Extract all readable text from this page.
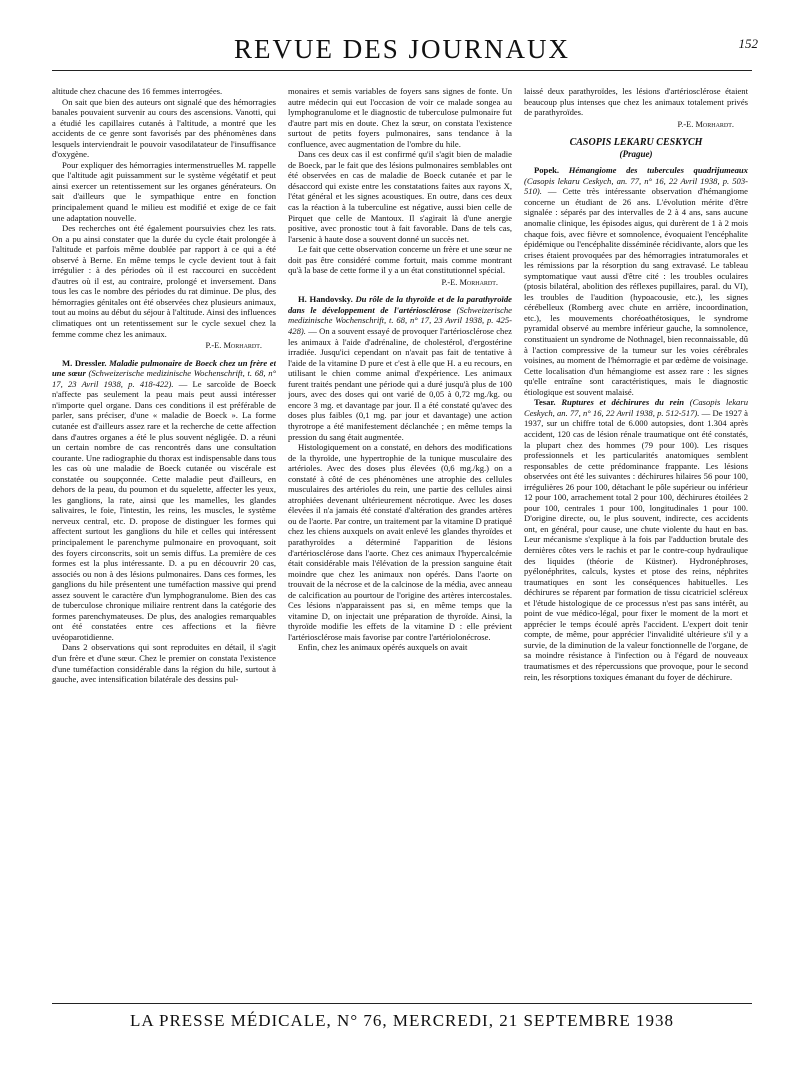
REVUE DES JOURNAUX	152

altitude chez chacune des 16 femmes interrogées.

On sait que bien des auteurs ont signalé que des hémorragies banales pouvaient survenir au cours des ascensions. Vanotti, qui a étudié les capillaires cutanés à l'altitude, a montré que les accidents de ce genre sont favorisés par des phénomènes dans lesquels interviendrait le pouvoir vasodilatateur de l'insuffisance d'oxygène.

Pour expliquer des hémorragies intermenstruelles M. rappelle que l'altitude agit puissamment sur le système végétatif et peut ainsi exercer un retentissement sur les organes générateurs. On sait d'ailleurs que le sympathique entre en fonction principalement quand le milieu est modifié et exige de ce fait une adaptation nouvelle.

Des recherches ont été également poursuivies chez les rats. On a pu ainsi constater que la durée du cycle était prolongée à l'altitude et parfois même doublée par rapport à ce qui a été observé à Berne. En même temps le cycle devient tout à fait irrégulier : à des périodes où il est raccourci en succèdent d'autres où il est, au contraire, prolongé et inversement. Dans tous les cas le nombre des périodes du rat diminue. De plus, des hémorragies génitales ont été observées chez plusieurs animaux, tout au moins au début du séjour à l'altitude. Ainsi des influences climatiques ont un retentissement sur le cycle sexuel chez la femme comme chez les animaux.

P.-E. Morhardt.

M. Dressler. Maladie pulmonaire de Boeck chez un frère et une sœur (Schweizerische medizinische Wochenschrift, t. 68, n° 17, 23 Avril 1938, p. 418-422). — Le sarcoïde de Boeck n'affecte pas seulement la peau mais peut aussi intéresser n'importe quel organe. Dans ces conditions il est préférable de parler, sans préciser, d'une « maladie de Boeck ». La forme cutanée est d'ailleurs assez rare et la recherche de cette affection dans d'autres organes a été le plus souvent négligée. D. a réuni un certain nombre de cas rencontrés dans une consultation courante. Une radiographie du thorax est indispensable dans tous les cas où une maladie de Boeck cutanée ou viscérale est constatée ou soupçonnée. Cette maladie peut d'ailleurs, en dehors de la peau, du poumon et du squelette, affecter les yeux, les ganglions, la rate, ainsi que les mamelles, les glandes salivaires, le foie, l'intestin, les reins, les muscles, le système nerveux central, etc. D. propose de distinguer les formes qui affectent surtout les ganglions du hile et celles qui intéressent principalement le parenchyme pulmonaire en provoquant, soit des foyers circonscrits, soit un semis diffus. La première de ces formes est la plus intéressante. D. a pu en découvrir 20 cas, associés ou non à des lésions pulmonaires. Dans ces formes, les ganglions du hile présentent une tuméfaction massive qui prend assez souvent le caractère d'un lymphogranulome. Bien des cas de tuberculose chronique miliaire rentrent dans la catégorie des formes parenchymateuses. De plus, des analogies remarquables ont été constatées entre ces affections et la fièvre uvéoparotidienne.

Dans 2 observations qui sont reproduites en détail, il s'agit d'un frère et d'une sœur. Chez le premier on constata l'existence d'une tuméfaction considérable dans la région du hile, surtout à gauche, avec intensification bilatérale des dessins pul-

monaires et semis variables de foyers sans signes de fonte. Un autre médecin qui eut l'occasion de voir ce malade songea au lymphogranulome et le diagnostic de tuberculose pulmonaire fut d'autre part mis en doute. Chez la sœur, on constata l'existence surtout de petits foyers pulmonaires, sans tendance à la confluence, avec augmentation de l'ombre du hile.

Dans ces deux cas il est confirmé qu'il s'agit bien de maladie de Boeck, par le fait que des lésions pulmonaires semblables ont été observées en cas de maladie de Boeck cutanée et par le désaccord qui existe entre les constatations faites aux rayons X, l'état général et les signes acoustiques. En outre, dans ces deux cas la réaction à la tuberculine est négative, aussi bien celle de Pirquet que celle de Mantoux. Il s'agirait là d'une anergie positive, avec pronostic tout à fait favorable. Dans de tels cas, l'arsenic à haute dose a souvent donné un succès net.

Le fait que cette observation concerne un frère et une sœur ne doit pas être considéré comme fortuit, mais comme montrant qu'à la base de cette forme il y a un état constitutionnel spécial.

P.-E. Morhardt.

H. Handovsky. Du rôle de la thyroïde et de la parathyroïde dans le développement de l'artériosclérose (Schweizerische medizinische Wochenschrift, t. 68, n° 17, 23 Avril 1938, p. 425-428). — On a souvent essayé de provoquer l'artériosclérose chez les animaux à l'aide d'adrénaline, de cholestérol, d'ergostérine irradiée. Jusqu'ici cependant on n'avait pas fait de tentative à l'aide de la vitamine D pure et c'est à elle que H. a eu recours, en utilisant le chien comme animal d'expérience. Les animaux furent traités pendant une période qui a duré jusqu'à plus de 100 jours, avec des doses qui ont varié de 0,05 à 0,72 mg./kg. ou encore 3 mg. et davantage par jour. Il a été constaté qu'avec des doses plus faibles (0,1 mg. par jour et davantage) une action thyrotrope a été manifestement déclanchée ; en même temps la pression du sang était augmentée.

Histologiquement on a constaté, en dehors des modifications de la thyroïde, une hypertrophie de la tunique musculaire des artérioles. Avec des doses plus élevées (0,6 mg./kg.) on a constaté à côté de ces phénomènes une atrophie des cellules musculaires des artérioles du rein, une partie des cellules ainsi atrophiées devenant ultérieurement nécrotique. Avec les doses élevées il n'a jamais été constaté d'altération des grandes artères ou de l'aorte. Par contre, un traitement par la vitamine D pratiqué chez les chiens auxquels on avait enlevé les glandes thyroïdes et parathyroïdes a déterminé l'apparition de lésions d'artériosclérose dans l'aorte. Chez ces animaux l'hypercalcémie était considérable mais l'élévation de la pression sanguine était moindre que chez les animaux non opérés. Dans l'aorte on trouvait de la nécrose et de la calcinose de la média, avec anneau de calcification au pourtour de l'origine des artères intercostales. Ces lésions n'apparaissent pas si, en même temps que la vitamine D, on injectait une préparation de thyroïde. Ainsi, la thyroïde modifie les effets de la vitamine D : elle prévient l'artériosclérose mais favorise par contre l'artériolonécrose.

Enfin, chez les animaux opérés auxquels on avait

laissé deux parathyroïdes, les lésions d'artériosclérose étaient beaucoup plus intenses que chez les animaux totalement privés de parathyroïdes.

P.-E. Morhardt.
CASOPIS LEKARU CESKYCH
(Prague)

Popek. Hémangiome des tubercules quadrijumeaux (Casopis lekaru Ceskych, an. 77, n° 16, 22 Avril 1938, p. 503-510). — Cette très intéressante observation d'hémangiome concerne un étudiant de 26 ans. L'évolution mérite d'être signalée : séparés par des intervalles de 2 à 4 ans, sans aucune anomalie clinique, les épisodes aigus, qui durèrent de 1 à 2 mois chaque fois, avec fièvre et somnolence, évoquaient l'encéphalite épidémique ou l'encéphalite disséminée récidivante, alors que les crises étaient provoquées par des hémorragies intratumorales et les rémissions par la résorption du sang extravasé. Le tableau symptomatique vaut aussi d'être cité : les troubles oculaires (ptosis bilatéral, abolition des réflexes pupillaires, paral. du VI), les troubles de l'audition (hypoacousie, etc.), les signes cérébelleux (Romberg avec chute en arrière, incoordination, etc.), les mouvements choréoathétosiques, le syndrome pyramidal observé au membre inférieur gauche, la somnolence, constituaient un syndrome de Nothnagel, bien reconnaissable, dû à l'action compressive de la tumeur sur les voies cérébrales voisines, au moment de l'hémorragie et par œdème de voisinage. Cette localisation d'un hémangiome est assez rare : les signes qu'elle entraîne sont caractéristiques, mais le diagnostic étiologique est souvent malaisé.

Tesar. Ruptures et déchirures du rein (Casopis lekaru Ceskych, an. 77, n° 16, 22 Avril 1938, p. 512-517). — De 1927 à 1937, sur un chiffre total de 6.000 autopsies, dont 1.304 après accident, 120 cas de lésion rénale traumatique ont été constatés, la plupart chez des hommes (79 pour 100). Les risques professionnels et les particularités anatomiques semblent responsables de cette prédominance frappante. Les lésions observées ont été les suivantes : déchirures hilaires 56 pour 100, irrégulières 26 pour 100, détachant le pôle supérieur ou inférieur 12 pour 100, arrachement total 2 pour 100, déchirures étoilées 2 pour 100, centrales 1 pour 100, longitudinales 1 pour 100. D'origine directe, ou, le plus souvent, indirecte, ces accidents ont, en général, pour cause, une chute violente du haut en bas. Leur mécanisme s'explique à la fois par l'adduction brutale des dernières côtes vers le rachis et par le contre-coup hydraulique des liquides (théorie de Küstner). Hydronéphroses, pyélonéphrites, calculs, kystes et ptose des reins, néphrites traumatiques en sont les conséquences habituelles. Les déchirures se réparent par formation de tissu cicatriciel scléreux et l'étude histologique de ce processus n'est pas sans intérêt, au point de vue médico-légal, pour fixer le moment de la mort et apprécier le temps écoulé après l'accident. L'expert doit tenir compte, de même, pour apprécier l'invalidité ultérieure s'il y a survie, de la diminution de la valeur fonctionnelle de l'organe, de sa moindre résistance à l'infection ou à l'égard de nouveaux traumatismes et des répercussions que provoque, pour le second rein, les résorptions toxiques émanant du foyer de déchirure.

LA PRESSE MÉDICALE, N° 76, MERCREDI, 21 SEPTEMBRE 1938
